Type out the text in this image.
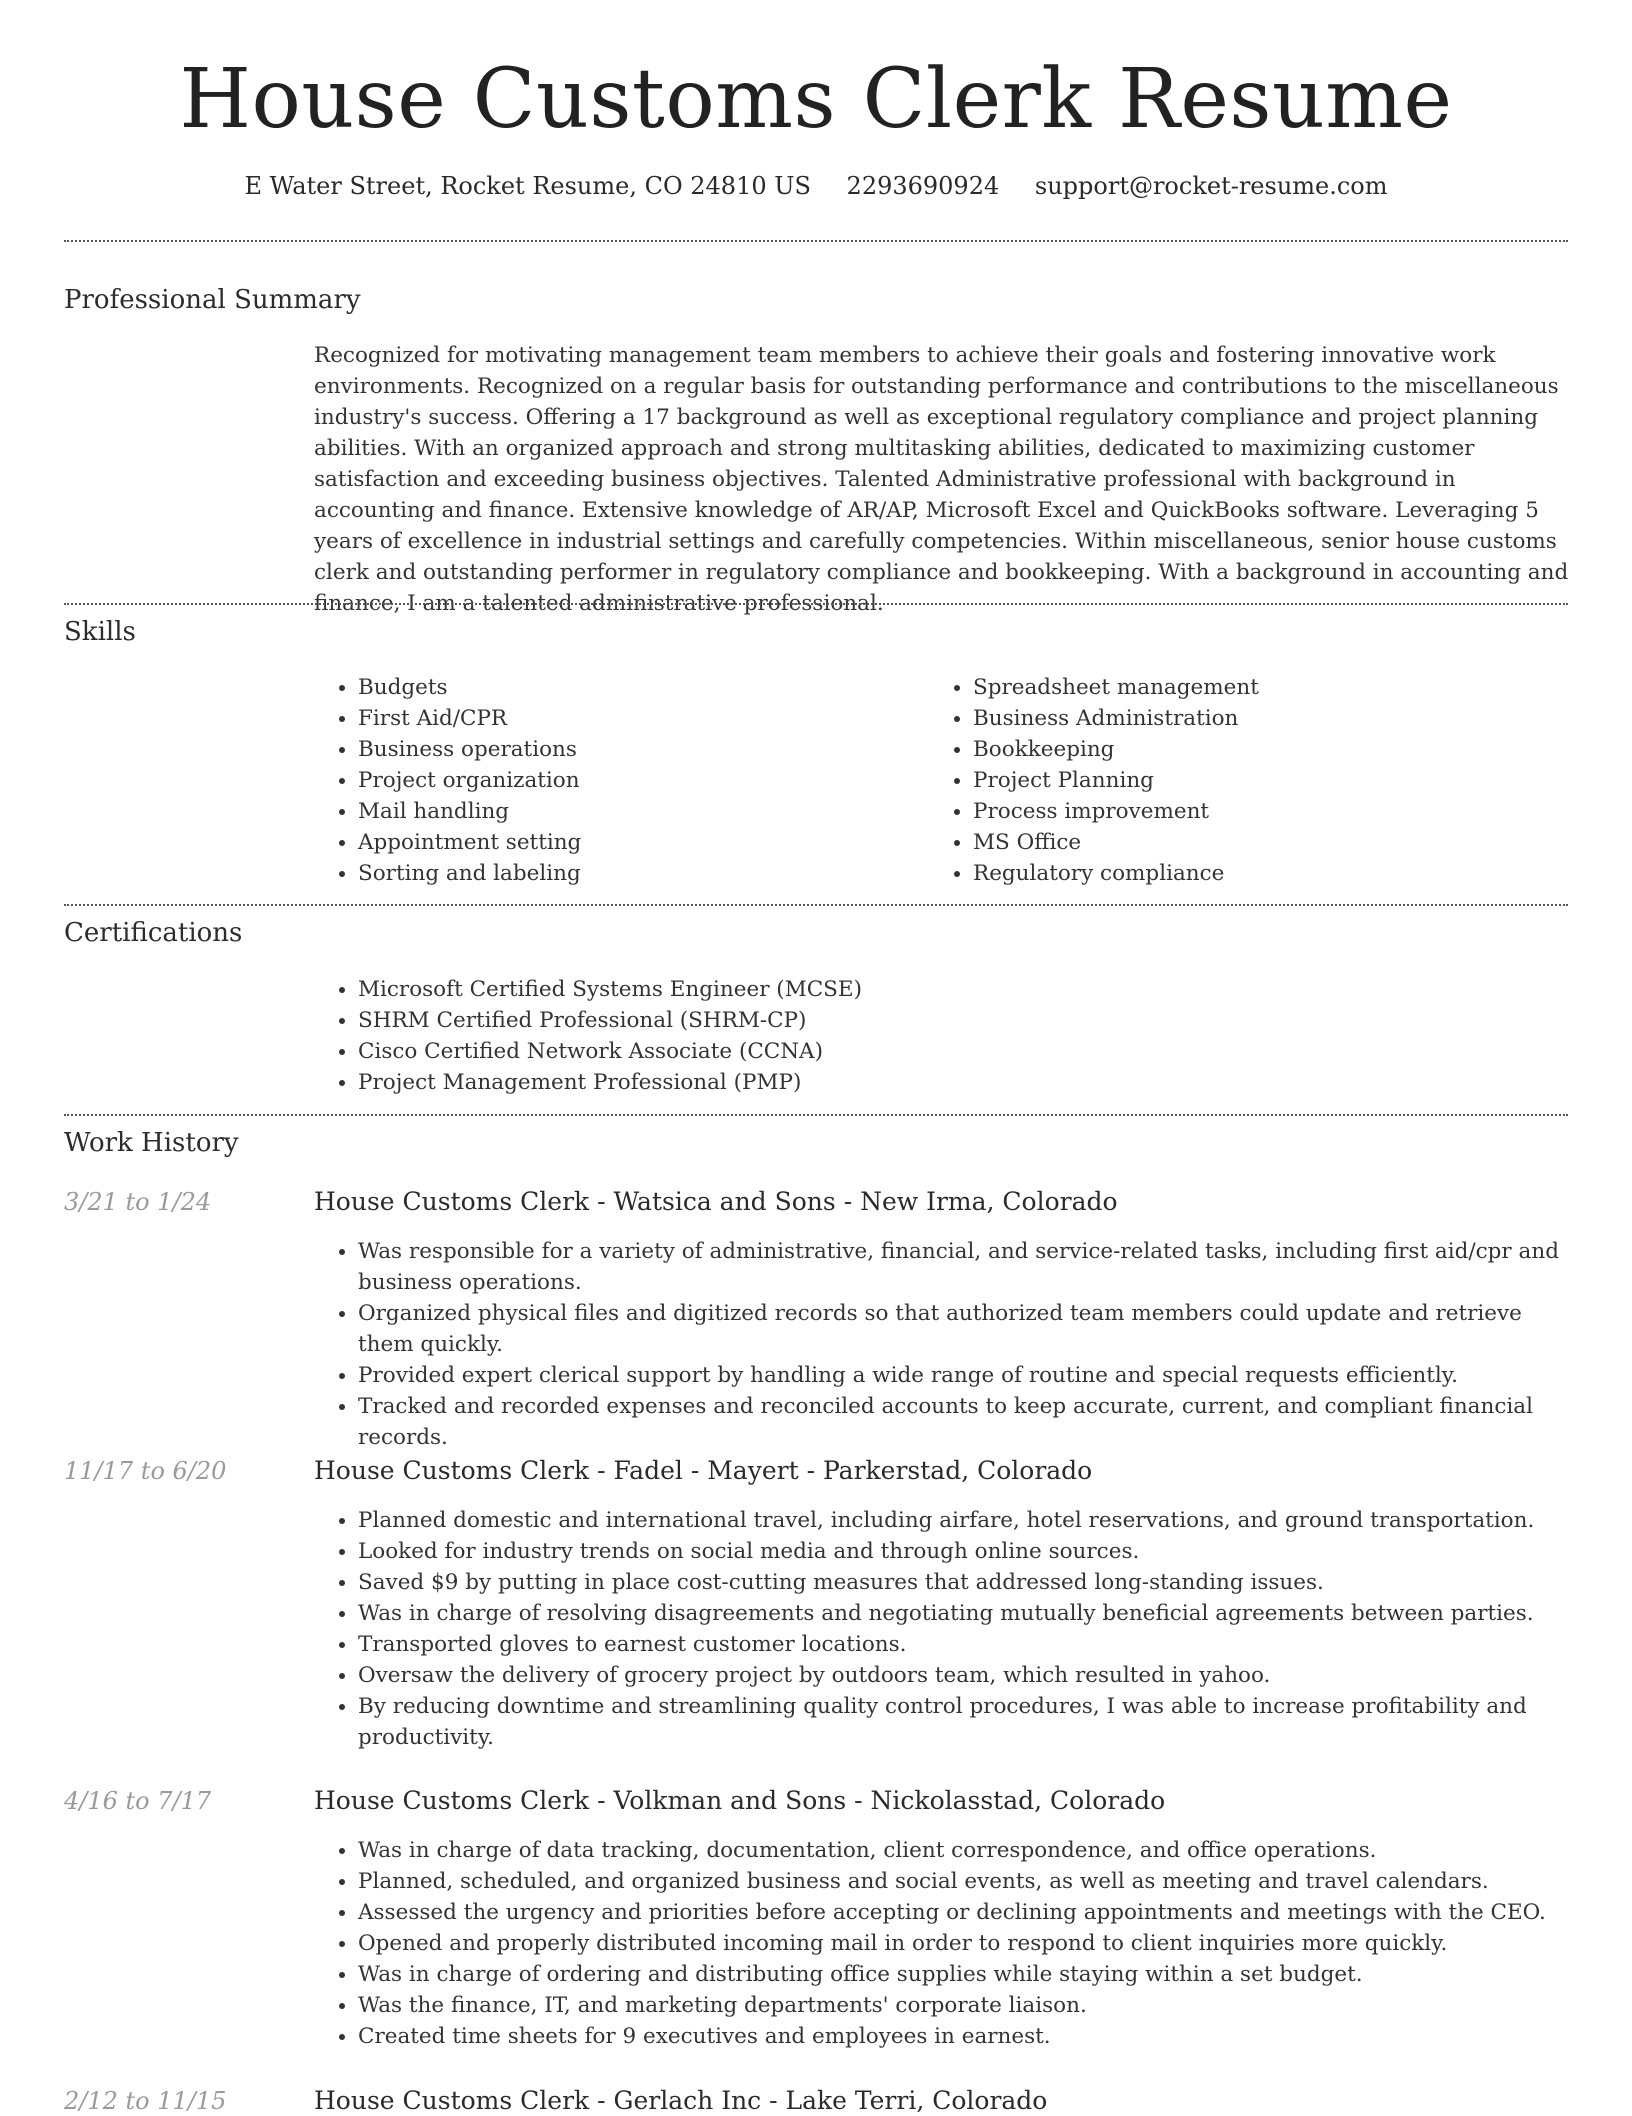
House Customs Clerk Resume
E Water Street, Rocket Resume, CO 24810 US 2293690924 support@rocket-resume.com
Professional Summary

Recognized for motivating management team members to achieve their goals and fostering innovative work environments. Recognized on a regular basis for outstanding performance and contributions to the miscellaneous industry's success. Offering a 17 background as well as exceptional regulatory compliance and project planning abilities. With an organized approach and strong multitasking abilities, dedicated to maximizing customer satisfaction and exceeding business objectives. Talented Administrative professional with background in accounting and finance. Extensive knowledge of AR/AP, Microsoft Excel and QuickBooks software. Leveraging 5 years of excellence in industrial settings and carefully competencies. Within miscellaneous, senior house customs clerk and outstanding performer in regulatory compliance and bookkeeping. With a background in accounting and finance, I am a talented administrative professional.

Skills
• Budgets
• First Aid/CPR
• Business operations
• Project organization
• Mail handling
• Appointment setting
• Sorting and labeling
• Spreadsheet management
• Business Administration
• Bookkeeping
• Project Planning
• Process improvement
• MS Office
• Regulatory compliance
Certifications
• Microsoft Certified Systems Engineer (MCSE)
• SHRM Certified Professional (SHRM-CP)
• Cisco Certified Network Associate (CCNA)
• Project Management Professional (PMP)
Work History
3/21 to 1/24	House Customs Clerk - Watsica and Sons - New Irma, Colorado
• Was responsible for a variety of administrative, financial, and service-related tasks, including first aid/cpr and business operations.
• Organized physical files and digitized records so that authorized team members could update and retrieve them quickly.
• Provided expert clerical support by handling a wide range of routine and special requests efficiently.
• Tracked and recorded expenses and reconciled accounts to keep accurate, current, and compliant financial records.
11/17 to 6/20	House Customs Clerk - Fadel - Mayert - Parkerstad, Colorado
• Planned domestic and international travel, including airfare, hotel reservations, and ground transportation.
• Looked for industry trends on social media and through online sources.
• Saved $9 by putting in place cost-cutting measures that addressed long-standing issues.
• Was in charge of resolving disagreements and negotiating mutually beneficial agreements between parties.
• Transported gloves to earnest customer locations.
• Oversaw the delivery of grocery project by outdoors team, which resulted in yahoo.
• By reducing downtime and streamlining quality control procedures, I was able to increase profitability and productivity.
4/16 to 7/17	House Customs Clerk - Volkman and Sons - Nickolasstad, Colorado
• Was in charge of data tracking, documentation, client correspondence, and office operations.
• Planned, scheduled, and organized business and social events, as well as meeting and travel calendars.
• Assessed the urgency and priorities before accepting or declining appointments and meetings with the CEO.
• Opened and properly distributed incoming mail in order to respond to client inquiries more quickly.
• Was in charge of ordering and distributing office supplies while staying within a set budget.
• Was the finance, IT, and marketing departments' corporate liaison.
• Created time sheets for 9 executives and employees in earnest.
2/12 to 11/15	House Customs Clerk - Gerlach Inc - Lake Terri, Colorado
